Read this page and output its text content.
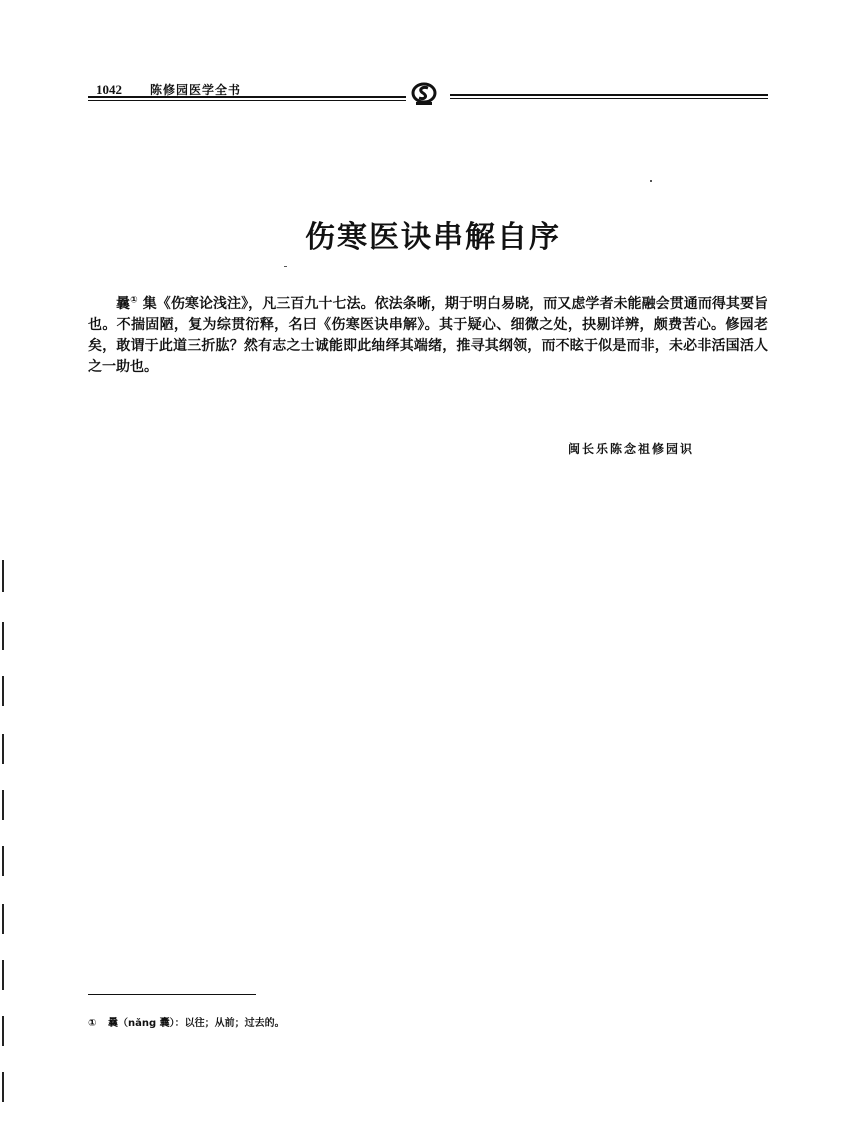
1042 陈修园医学全书
伤寒医诀串解自序
曩① 集《伤寒论浅注》，凡三百九十七法。依法条晰，期于明白易晓，而又虑学者未能融会贯通而得其要旨也。不揣固陋，复为综贯衍释，名曰《伤寒医诀串解》。其于疑心、细微之处，抉剔详辨，颇费苦心。修园老矣，敢谓于此道三折肱？然有志之士诚能即此䌷绎其端绪，推寻其纲领，而不眩于似是而非，未必非活国活人之一助也。
闽长乐陈念祖修园识
① 曩（nǎng 囊）：以往；从前；过去的。
